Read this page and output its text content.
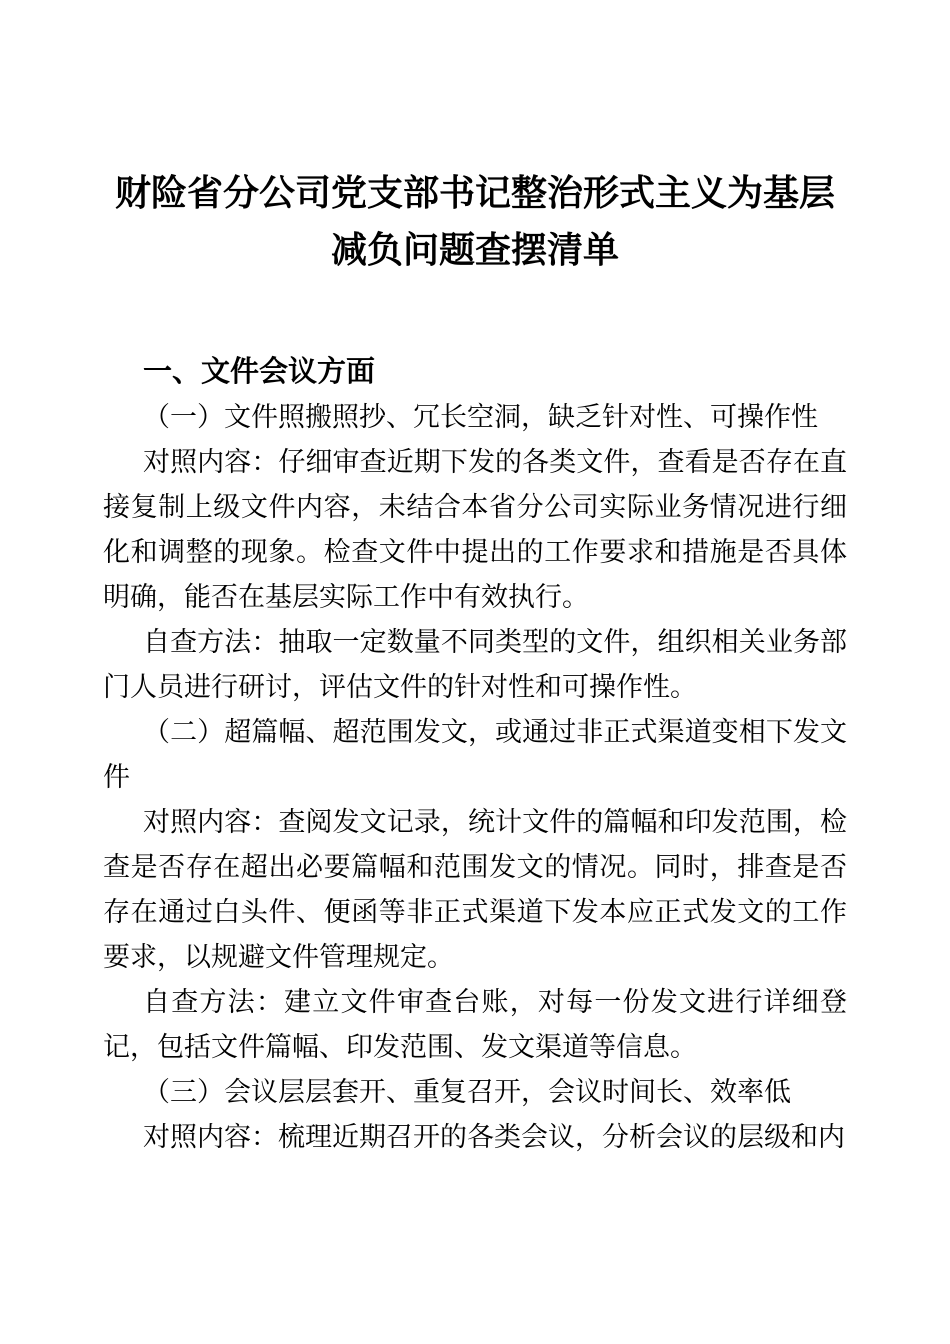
财险省分公司党支部书记整治形式主义为基层
减负问题查摆清单
一、文件会议方面

（一）文件照搬照抄、冗长空洞，缺乏针对性、可操作性

对照内容：仔细审查近期下发的各类文件，查看是否存在直接复制上级文件内容，未结合本省分公司实际业务情况进行细化和调整的现象。检查文件中提出的工作要求和措施是否具体明确，能否在基层实际工作中有效执行。

自查方法：抽取一定数量不同类型的文件，组织相关业务部门人员进行研讨，评估文件的针对性和可操作性。

（二）超篇幅、超范围发文，或通过非正式渠道变相下发文件

对照内容：查阅发文记录，统计文件的篇幅和印发范围，检查是否存在超出必要篇幅和范围发文的情况。同时，排查是否存在通过白头件、便函等非正式渠道下发本应正式发文的工作要求，以规避文件管理规定。

自查方法：建立文件审查台账，对每一份发文进行详细登记，包括文件篇幅、印发范围、发文渠道等信息。

（三）会议层层套开、重复召开，会议时间长、效率低

对照内容：梳理近期召开的各类会议，分析会议的层级和内
